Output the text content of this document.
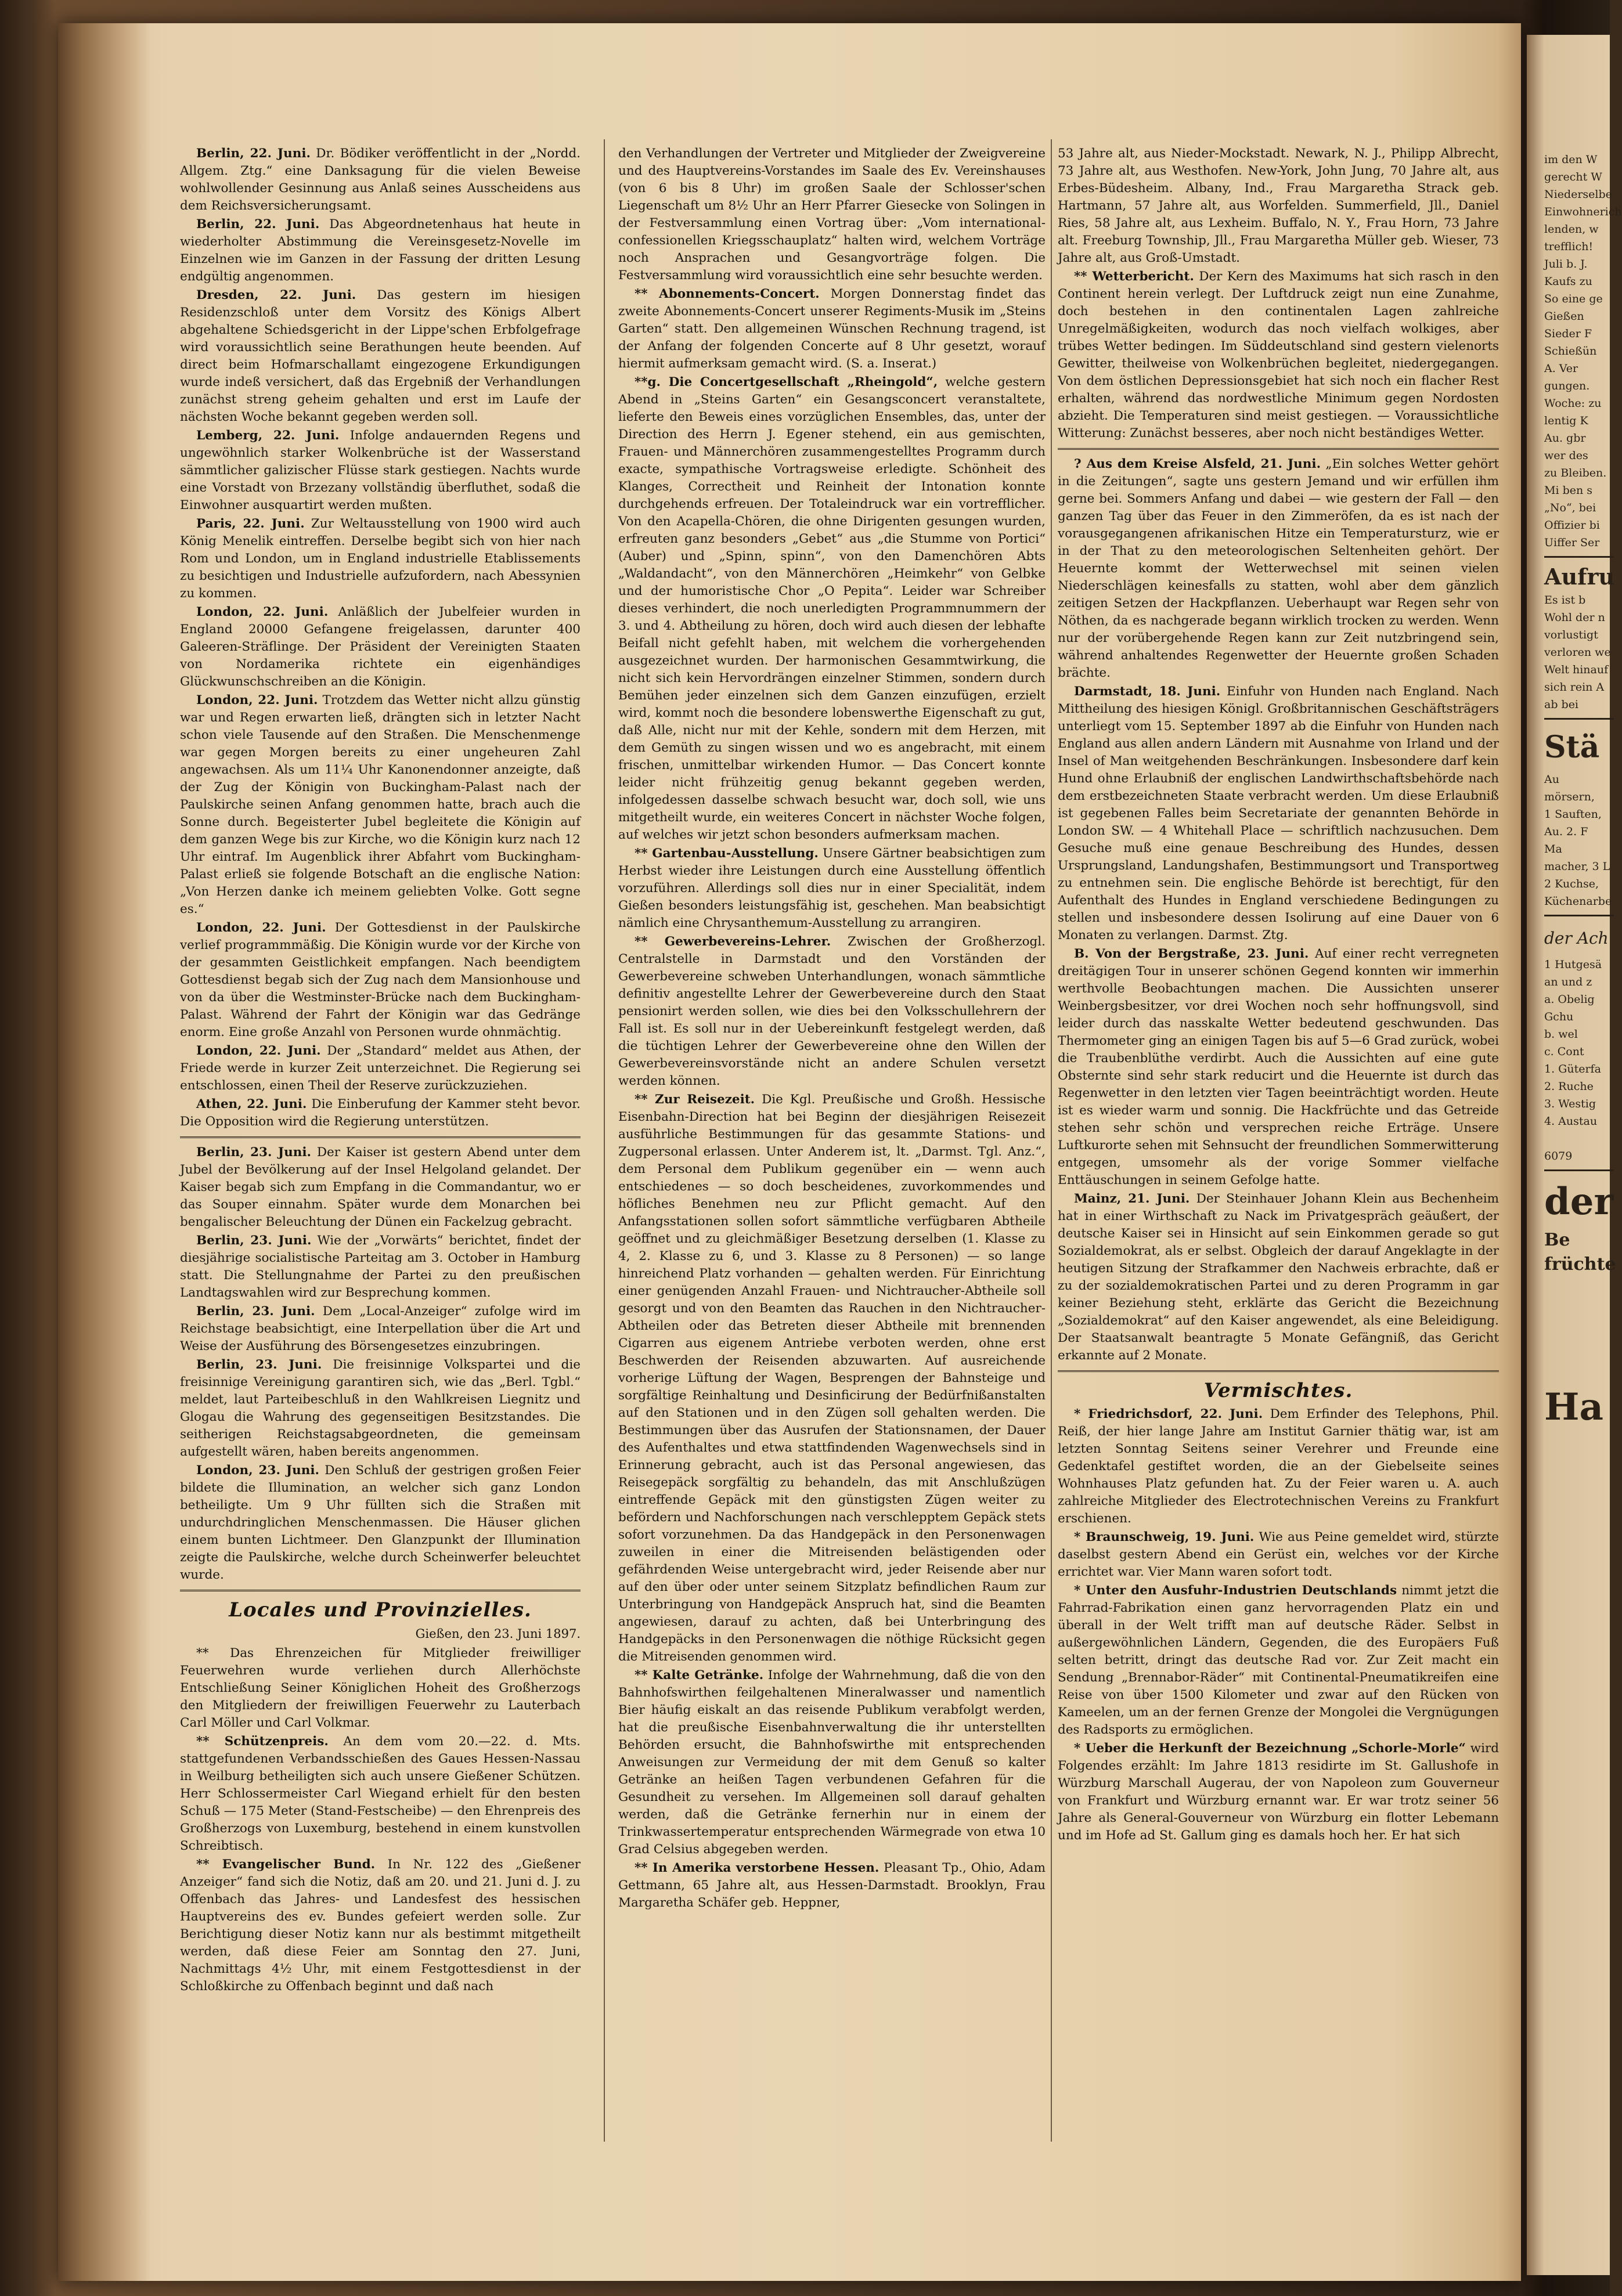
Berlin, 22. Juni. Dr. Bödiker veröffentlicht in der „Nordd. Allgem. Ztg.“ eine Danksagung für die vielen Beweise wohlwollender Gesinnung aus Anlaß seines Ausscheidens aus dem Reichsversicherungsamt.

Berlin, 22. Juni. Das Abgeordnetenhaus hat heute in wiederholter Abstimmung die Vereinsgesetz-Novelle im Einzelnen wie im Ganzen in der Fassung der dritten Lesung endgültig angenommen.

Dresden, 22. Juni. Das gestern im hiesigen Residenzschloß unter dem Vorsitz des Königs Albert abgehaltene Schiedsgericht in der Lippe'schen Erbfolgefrage wird voraussichtlich seine Berathungen heute beenden. Auf direct beim Hofmarschallamt eingezogene Erkundigungen wurde indeß versichert, daß das Ergebniß der Verhandlungen zunächst streng geheim gehalten und erst im Laufe der nächsten Woche bekannt gegeben werden soll.

Lemberg, 22. Juni. Infolge andauernden Regens und ungewöhnlich starker Wolkenbrüche ist der Wasserstand sämmtlicher galizischer Flüsse stark gestiegen. Nachts wurde eine Vorstadt von Brzezany vollständig überfluthet, sodaß die Einwohner ausquartirt werden mußten.

Paris, 22. Juni. Zur Weltausstellung von 1900 wird auch König Menelik eintreffen. Derselbe begibt sich von hier nach Rom und London, um in England industrielle Etablissements zu besichtigen und Industrielle aufzufordern, nach Abessynien zu kommen.

London, 22. Juni. Anläßlich der Jubelfeier wurden in England 20000 Gefangene freigelassen, darunter 400 Galeeren-Sträflinge. Der Präsident der Vereinigten Staaten von Nordamerika richtete ein eigenhändiges Glückwunschschreiben an die Königin.

London, 22. Juni. Trotzdem das Wetter nicht allzu günstig war und Regen erwarten ließ, drängten sich in letzter Nacht schon viele Tausende auf den Straßen. Die Menschenmenge war gegen Morgen bereits zu einer ungeheuren Zahl angewachsen. Als um 11¼ Uhr Kanonendonner anzeigte, daß der Zug der Königin von Buckingham-Palast nach der Paulskirche seinen Anfang genommen hatte, brach auch die Sonne durch. Begeisterter Jubel begleitete die Königin auf dem ganzen Wege bis zur Kirche, wo die Königin kurz nach 12 Uhr eintraf. Im Augenblick ihrer Abfahrt vom Buckingham-Palast erließ sie folgende Botschaft an die englische Nation: „Von Herzen danke ich meinem geliebten Volke. Gott segne es.“

London, 22. Juni. Der Gottesdienst in der Paulskirche verlief programmmäßig. Die Königin wurde vor der Kirche von der gesammten Geistlichkeit empfangen. Nach beendigtem Gottesdienst begab sich der Zug nach dem Mansionhouse und von da über die Westminster-Brücke nach dem Buckingham-Palast. Während der Fahrt der Königin war das Gedränge enorm. Eine große Anzahl von Personen wurde ohnmächtig.

London, 22. Juni. Der „Standard“ meldet aus Athen, der Friede werde in kurzer Zeit unterzeichnet. Die Regierung sei entschlossen, einen Theil der Reserve zurückzuziehen.

Athen, 22. Juni. Die Einberufung der Kammer steht bevor. Die Opposition wird die Regierung unterstützen.

Berlin, 23. Juni. Der Kaiser ist gestern Abend unter dem Jubel der Bevölkerung auf der Insel Helgoland gelandet. Der Kaiser begab sich zum Empfang in die Commandantur, wo er das Souper einnahm. Später wurde dem Monarchen bei bengalischer Beleuchtung der Dünen ein Fackelzug gebracht.

Berlin, 23. Juni. Wie der „Vorwärts“ berichtet, findet der diesjährige socialistische Parteitag am 3. October in Hamburg statt. Die Stellungnahme der Partei zu den preußischen Landtagswahlen wird zur Besprechung kommen.

Berlin, 23. Juni. Dem „Local-Anzeiger“ zufolge wird im Reichstage beabsichtigt, eine Interpellation über die Art und Weise der Ausführung des Börsengesetzes einzubringen.

Berlin, 23. Juni. Die freisinnige Volkspartei und die freisinnige Vereinigung garantiren sich, wie das „Berl. Tgbl.“ meldet, laut Parteibeschluß in den Wahlkreisen Liegnitz und Glogau die Wahrung des gegenseitigen Besitzstandes. Die seitherigen Reichstagsabgeordneten, die gemeinsam aufgestellt wären, haben bereits angenommen.

London, 23. Juni. Den Schluß der gestrigen großen Feier bildete die Illumination, an welcher sich ganz London betheiligte. Um 9 Uhr füllten sich die Straßen mit undurchdringlichen Menschenmassen. Die Häuser glichen einem bunten Lichtmeer. Den Glanzpunkt der Illumination zeigte die Paulskirche, welche durch Scheinwerfer beleuchtet wurde.

Locales und Provinzielles.
Gießen, den 23. Juni 1897.

** Das Ehrenzeichen für Mitglieder freiwilliger Feuerwehren wurde verliehen durch Allerhöchste Entschließung Seiner Königlichen Hoheit des Großherzogs den Mitgliedern der freiwilligen Feuerwehr zu Lauterbach Carl Möller und Carl Volkmar.

** Schützenpreis. An dem vom 20.—22. d. Mts. stattgefundenen Verbandsschießen des Gaues Hessen-Nassau in Weilburg betheiligten sich auch unsere Gießener Schützen. Herr Schlossermeister Carl Wiegand erhielt für den besten Schuß — 175 Meter (Stand-Festscheibe) — den Ehrenpreis des Großherzogs von Luxemburg, bestehend in einem kunstvollen Schreibtisch.

** Evangelischer Bund. In Nr. 122 des „Gießener Anzeiger“ fand sich die Notiz, daß am 20. und 21. Juni d. J. zu Offenbach das Jahres- und Landesfest des hessischen Hauptvereins des ev. Bundes gefeiert werden solle. Zur Berichtigung dieser Notiz kann nur als bestimmt mitgetheilt werden, daß diese Feier am Sonntag den 27. Juni, Nachmittags 4½ Uhr, mit einem Festgottesdienst in der Schloßkirche zu Offenbach beginnt und daß nach

den Verhandlungen der Vertreter und Mitglieder der Zweigvereine und des Hauptvereins-Vorstandes im Saale des Ev. Vereinshauses (von 6 bis 8 Uhr) im großen Saale der Schlosser'schen Liegenschaft um 8½ Uhr an Herr Pfarrer Giesecke von Solingen in der Festversammlung einen Vortrag über: „Vom international-confessionellen Kriegsschauplatz“ halten wird, welchem Vorträge noch Ansprachen und Gesangvorträge folgen. Die Festversammlung wird voraussichtlich eine sehr besuchte werden.

** Abonnements-Concert. Morgen Donnerstag findet das zweite Abonnements-Concert unserer Regiments-Musik im „Steins Garten“ statt. Den allgemeinen Wünschen Rechnung tragend, ist der Anfang der folgenden Concerte auf 8 Uhr gesetzt, worauf hiermit aufmerksam gemacht wird. (S. a. Inserat.)

**g. Die Concertgesellschaft „Rheingold“, welche gestern Abend in „Steins Garten“ ein Gesangsconcert veranstaltete, lieferte den Beweis eines vorzüglichen Ensembles, das, unter der Direction des Herrn J. Egener stehend, ein aus gemischten, Frauen- und Männerchören zusammengestelltes Programm durch exacte, sympathische Vortragsweise erledigte. Schönheit des Klanges, Correctheit und Reinheit der Intonation konnte durchgehends erfreuen. Der Totaleindruck war ein vortrefflicher. Von den Acapella-Chören, die ohne Dirigenten gesungen wurden, erfreuten ganz besonders „Gebet“ aus „die Stumme von Portici“ (Auber) und „Spinn, spinn“, von den Damenchören Abts „Waldandacht“, von den Männerchören „Heimkehr“ von Gelbke und der humoristische Chor „O Pepita“. Leider war Schreiber dieses verhindert, die noch unerledigten Programmnummern der 3. und 4. Abtheilung zu hören, doch wird auch diesen der lebhafte Beifall nicht gefehlt haben, mit welchem die vorhergehenden ausgezeichnet wurden. Der harmonischen Gesammtwirkung, die nicht sich kein Hervordrängen einzelner Stimmen, sondern durch Bemühen jeder einzelnen sich dem Ganzen einzufügen, erzielt wird, kommt noch die besondere lobenswerthe Eigenschaft zu gut, daß Alle, nicht nur mit der Kehle, sondern mit dem Herzen, mit dem Gemüth zu singen wissen und wo es angebracht, mit einem frischen, unmittelbar wirkenden Humor. — Das Concert konnte leider nicht frühzeitig genug bekannt gegeben werden, infolgedessen dasselbe schwach besucht war, doch soll, wie uns mitgetheilt wurde, ein weiteres Concert in nächster Woche folgen, auf welches wir jetzt schon besonders aufmerksam machen.

** Gartenbau-Ausstellung. Unsere Gärtner beabsichtigen zum Herbst wieder ihre Leistungen durch eine Ausstellung öffentlich vorzuführen. Allerdings soll dies nur in einer Specialität, indem Gießen besonders leistungsfähig ist, geschehen. Man beabsichtigt nämlich eine Chrysanthemum-Ausstellung zu arrangiren.

** Gewerbevereins-Lehrer. Zwischen der Großherzogl. Centralstelle in Darmstadt und den Vorständen der Gewerbevereine schweben Unterhandlungen, wonach sämmtliche definitiv angestellte Lehrer der Gewerbevereine durch den Staat pensionirt werden sollen, wie dies bei den Volksschullehrern der Fall ist. Es soll nur in der Uebereinkunft festgelegt werden, daß die tüchtigen Lehrer der Gewerbevereine ohne den Willen der Gewerbevereinsvorstände nicht an andere Schulen versetzt werden können.

** Zur Reisezeit. Die Kgl. Preußische und Großh. Hessische Eisenbahn-Direction hat bei Beginn der diesjährigen Reisezeit ausführliche Bestimmungen für das gesammte Stations- und Zugpersonal erlassen. Unter Anderem ist, lt. „Darmst. Tgl. Anz.“, dem Personal dem Publikum gegenüber ein — wenn auch entschiedenes — so doch bescheidenes, zuvorkommendes und höfliches Benehmen neu zur Pflicht gemacht. Auf den Anfangsstationen sollen sofort sämmtliche verfügbaren Abtheile geöffnet und zu gleichmäßiger Besetzung derselben (1. Klasse zu 4, 2. Klasse zu 6, und 3. Klasse zu 8 Personen) — so lange hinreichend Platz vorhanden — gehalten werden. Für Einrichtung einer genügenden Anzahl Frauen- und Nichtraucher-Abtheile soll gesorgt und von den Beamten das Rauchen in den Nichtraucher-Abtheilen oder das Betreten dieser Abtheile mit brennenden Cigarren aus eigenem Antriebe verboten werden, ohne erst Beschwerden der Reisenden abzuwarten. Auf ausreichende vorherige Lüftung der Wagen, Besprengen der Bahnsteige und sorgfältige Reinhaltung und Desinficirung der Bedürfnißanstalten auf den Stationen und in den Zügen soll gehalten werden. Die Bestimmungen über das Ausrufen der Stationsnamen, der Dauer des Aufenthaltes und etwa stattfindenden Wagenwechsels sind in Erinnerung gebracht, auch ist das Personal angewiesen, das Reisegepäck sorgfältig zu behandeln, das mit Anschlußzügen eintreffende Gepäck mit den günstigsten Zügen weiter zu befördern und Nachforschungen nach verschlepptem Gepäck stets sofort vorzunehmen. Da das Handgepäck in den Personenwagen zuweilen in einer die Mitreisenden belästigenden oder gefährdenden Weise untergebracht wird, jeder Reisende aber nur auf den über oder unter seinem Sitzplatz befindlichen Raum zur Unterbringung von Handgepäck Anspruch hat, sind die Beamten angewiesen, darauf zu achten, daß bei Unterbringung des Handgepäcks in den Personenwagen die nöthige Rücksicht gegen die Mitreisenden genommen wird.

** Kalte Getränke. Infolge der Wahrnehmung, daß die von den Bahnhofswirthen feilgehaltenen Mineralwasser und namentlich Bier häufig eiskalt an das reisende Publikum verabfolgt werden, hat die preußische Eisenbahnverwaltung die ihr unterstellten Behörden ersucht, die Bahnhofswirthe mit entsprechenden Anweisungen zur Vermeidung der mit dem Genuß so kalter Getränke an heißen Tagen verbundenen Gefahren für die Gesundheit zu versehen. Im Allgemeinen soll darauf gehalten werden, daß die Getränke fernerhin nur in einem der Trinkwassertemperatur entsprechenden Wärmegrade von etwa 10 Grad Celsius abgegeben werden.

** In Amerika verstorbene Hessen. Pleasant Tp., Ohio, Adam Gettmann, 65 Jahre alt, aus Hessen-Darmstadt. Brooklyn, Frau Margaretha Schäfer geb. Heppner,

53 Jahre alt, aus Nieder-Mockstadt. Newark, N. J., Philipp Albrecht, 73 Jahre alt, aus Westhofen. New-York, John Jung, 70 Jahre alt, aus Erbes-Büdesheim. Albany, Ind., Frau Margaretha Strack geb. Hartmann, 57 Jahre alt, aus Worfelden. Summerfield, Jll., Daniel Ries, 58 Jahre alt, aus Lexheim. Buffalo, N. Y., Frau Horn, 73 Jahre alt. Freeburg Township, Jll., Frau Margaretha Müller geb. Wieser, 73 Jahre alt, aus Groß-Umstadt.

** Wetterbericht. Der Kern des Maximums hat sich rasch in den Continent herein verlegt. Der Luftdruck zeigt nun eine Zunahme, doch bestehen in den continentalen Lagen zahlreiche Unregelmäßigkeiten, wodurch das noch vielfach wolkiges, aber trübes Wetter bedingen. Im Süddeutschland sind gestern vielenorts Gewitter, theilweise von Wolkenbrüchen begleitet, niedergegangen. Von dem östlichen Depressionsgebiet hat sich noch ein flacher Rest erhalten, während das nordwestliche Minimum gegen Nordosten abzieht. Die Temperaturen sind meist gestiegen. — Voraussichtliche Witterung: Zunächst besseres, aber noch nicht beständiges Wetter.

? Aus dem Kreise Alsfeld, 21. Juni. „Ein solches Wetter gehört in die Zeitungen“, sagte uns gestern Jemand und wir erfüllen ihm gerne bei. Sommers Anfang und dabei — wie gestern der Fall — den ganzen Tag über das Feuer in den Zimmeröfen, da es ist nach der vorausgegangenen afrikanischen Hitze ein Temperatursturz, wie er in der That zu den meteorologischen Seltenheiten gehört. Der Heuernte kommt der Wetterwechsel mit seinen vielen Niederschlägen keinesfalls zu statten, wohl aber dem gänzlich zeitigen Setzen der Hackpflanzen. Ueberhaupt war Regen sehr von Nöthen, da es nachgerade begann wirklich trocken zu werden. Wenn nur der vorübergehende Regen kann zur Zeit nutzbringend sein, während anhaltendes Regenwetter der Heuernte großen Schaden brächte.

Darmstadt, 18. Juni. Einfuhr von Hunden nach England. Nach Mittheilung des hiesigen Königl. Großbritannischen Geschäftsträgers unterliegt vom 15. September 1897 ab die Einfuhr von Hunden nach England aus allen andern Ländern mit Ausnahme von Irland und der Insel of Man weitgehenden Beschränkungen. Insbesondere darf kein Hund ohne Erlaubniß der englischen Landwirthschaftsbehörde nach dem erstbezeichneten Staate verbracht werden. Um diese Erlaubniß ist gegebenen Falles beim Secretariate der genannten Behörde in London SW. — 4 Whitehall Place — schriftlich nachzusuchen. Dem Gesuche muß eine genaue Beschreibung des Hundes, dessen Ursprungsland, Landungshafen, Bestimmungsort und Transportweg zu entnehmen sein. Die englische Behörde ist berechtigt, für den Aufenthalt des Hundes in England verschiedene Bedingungen zu stellen und insbesondere dessen Isolirung auf eine Dauer von 6 Monaten zu verlangen. Darmst. Ztg.

B. Von der Bergstraße, 23. Juni. Auf einer recht verregneten dreitägigen Tour in unserer schönen Gegend konnten wir immerhin werthvolle Beobachtungen machen. Die Aussichten unserer Weinbergsbesitzer, vor drei Wochen noch sehr hoffnungsvoll, sind leider durch das nasskalte Wetter bedeutend geschwunden. Das Thermometer ging an einigen Tagen bis auf 5—6 Grad zurück, wobei die Traubenblüthe verdirbt. Auch die Aussichten auf eine gute Obsternte sind sehr stark reducirt und die Heuernte ist durch das Regenwetter in den letzten vier Tagen beeinträchtigt worden. Heute ist es wieder warm und sonnig. Die Hackfrüchte und das Getreide stehen sehr schön und versprechen reiche Erträge. Unsere Luftkurorte sehen mit Sehnsucht der freundlichen Sommerwitterung entgegen, umsomehr als der vorige Sommer vielfache Enttäuschungen in seinem Gefolge hatte.

Mainz, 21. Juni. Der Steinhauer Johann Klein aus Bechenheim hat in einer Wirthschaft zu Nack im Privatgespräch geäußert, der deutsche Kaiser sei in Hinsicht auf sein Einkommen gerade so gut Sozialdemokrat, als er selbst. Obgleich der darauf Angeklagte in der heutigen Sitzung der Strafkammer den Nachweis erbrachte, daß er zu der sozialdemokratischen Partei und zu deren Programm in gar keiner Beziehung steht, erklärte das Gericht die Bezeichnung „Sozialdemokrat“ auf den Kaiser angewendet, als eine Beleidigung. Der Staatsanwalt beantragte 5 Monate Gefängniß, das Gericht erkannte auf 2 Monate.

Vermischtes.

* Friedrichsdorf, 22. Juni. Dem Erfinder des Telephons, Phil. Reiß, der hier lange Jahre am Institut Garnier thätig war, ist am letzten Sonntag Seitens seiner Verehrer und Freunde eine Gedenktafel gestiftet worden, die an der Giebelseite seines Wohnhauses Platz gefunden hat. Zu der Feier waren u. A. auch zahlreiche Mitglieder des Electrotechnischen Vereins zu Frankfurt erschienen.

* Braunschweig, 19. Juni. Wie aus Peine gemeldet wird, stürzte daselbst gestern Abend ein Gerüst ein, welches vor der Kirche errichtet war. Vier Mann waren sofort todt.

* Unter den Ausfuhr-Industrien Deutschlands nimmt jetzt die Fahrrad-Fabrikation einen ganz hervorragenden Platz ein und überall in der Welt trifft man auf deutsche Räder. Selbst in außergewöhnlichen Ländern, Gegenden, die des Europäers Fuß selten betritt, dringt das deutsche Rad vor. Zur Zeit macht ein Sendung „Brennabor-Räder“ mit Continental-Pneumatikreifen eine Reise von über 1500 Kilometer und zwar auf den Rücken von Kameelen, um an der fernen Grenze der Mongolei die Vergnügungen des Radsports zu ermöglichen.

* Ueber die Herkunft der Bezeichnung „Schorle-Morle“ wird Folgendes erzählt: Im Jahre 1813 residirte im St. Gallushofe in Würzburg Marschall Augerau, der von Napoleon zum Gouverneur von Frankfurt und Würzburg ernannt war. Er war trotz seiner 56 Jahre als General-Gouverneur von Würzburg ein flotter Lebemann und im Hofe ad St. Gallum ging es damals hoch her. Er hat sich

im den W
gerecht W
Niederselbe
Einwohnerich
lenden, w
trefflich!
Juli b. J.
Kaufs zu
So eine ge
Gießen
Sieder F
Schießün
A. Ver
gungen.
Woche: zu
lentig K
Au. gbr
wer des
zu Bleiben.
Mi ben s
„No“, bei
Offizier bi
Uiffer Ser
Aufru
Es ist b
Wohl der n
vorlustigt
verloren we
Welt hinauf
sich rein A
ab bei
Stä
Au
mörsern,
1 Sauften,
Au. 2. F
Ma
macher, 3 L
2 Kuchse,
Küchenarbe
der Ach
1 Hutgesä
an und z
a. Obelig
Gchu
b. wel
c. Cont
1. Güterfa
2. Ruche
3. Westig
4. Austau
6079
der
Be
früchte
Ha
